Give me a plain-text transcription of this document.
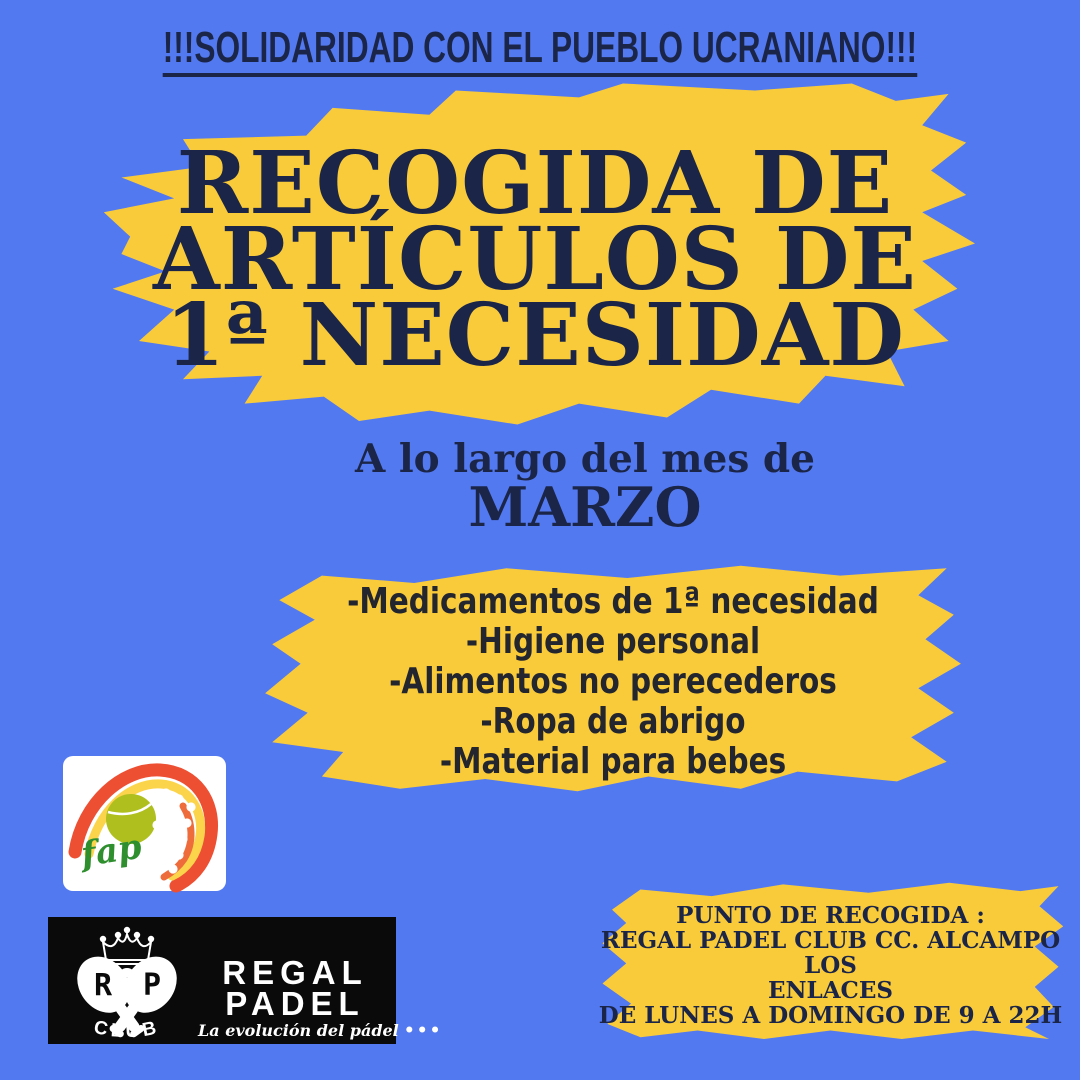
!!!SOLIDARIDAD CON EL PUEBLO UCRANIANO!!!
RECOGIDA DE
ARTÍCULOS DE
1ª NECESIDAD
A lo largo del mes de
MARZO
-Medicamentos de 1ª necesidad
-Higiene personal
-Alimentos no perecederos
-Ropa de abrigo
-Material para bebes
fap
R P
CLUB
REGAL
PADEL
La evolución del pádel •••
PUNTO DE RECOGIDA :
REGAL PADEL CLUB CC. ALCAMPO LOS
ENLACES
DE LUNES A DOMINGO DE 9 A 22H
